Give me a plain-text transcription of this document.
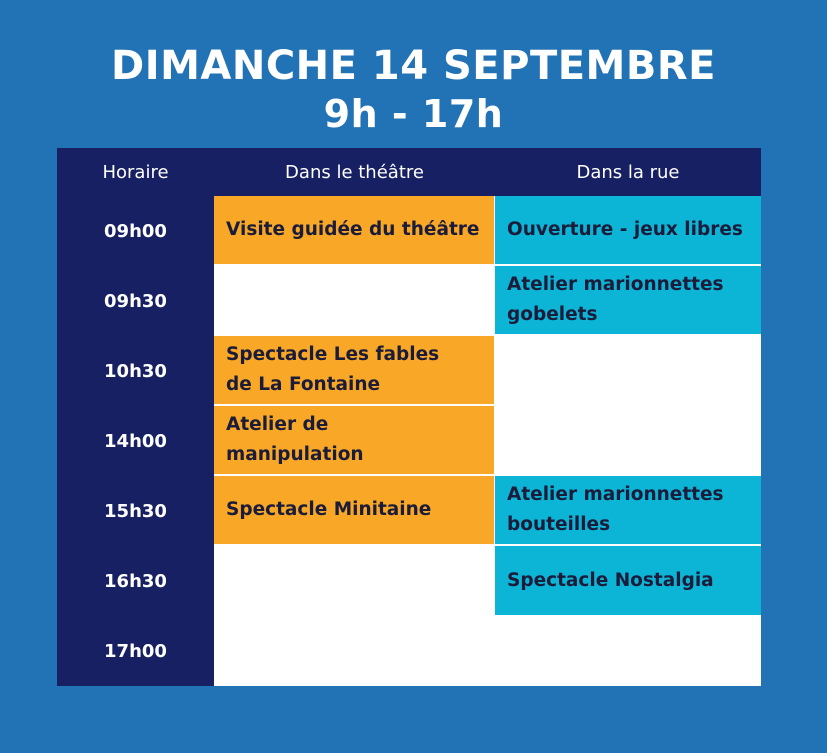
DIMANCHE 14 SEPTEMBRE
9h - 17h
Horaire	Dans le théâtre	Dans la rue
09h00
09h30
10h30
14h00
15h30
16h30
17h00
Visite guidée du théâtre
Spectacle Les fables
de La Fontaine
Atelier de
manipulation
Spectacle Minitaine
Ouverture - jeux libres
Atelier marionnettes
gobelets
Atelier marionnettes
bouteilles
Spectacle Nostalgia
